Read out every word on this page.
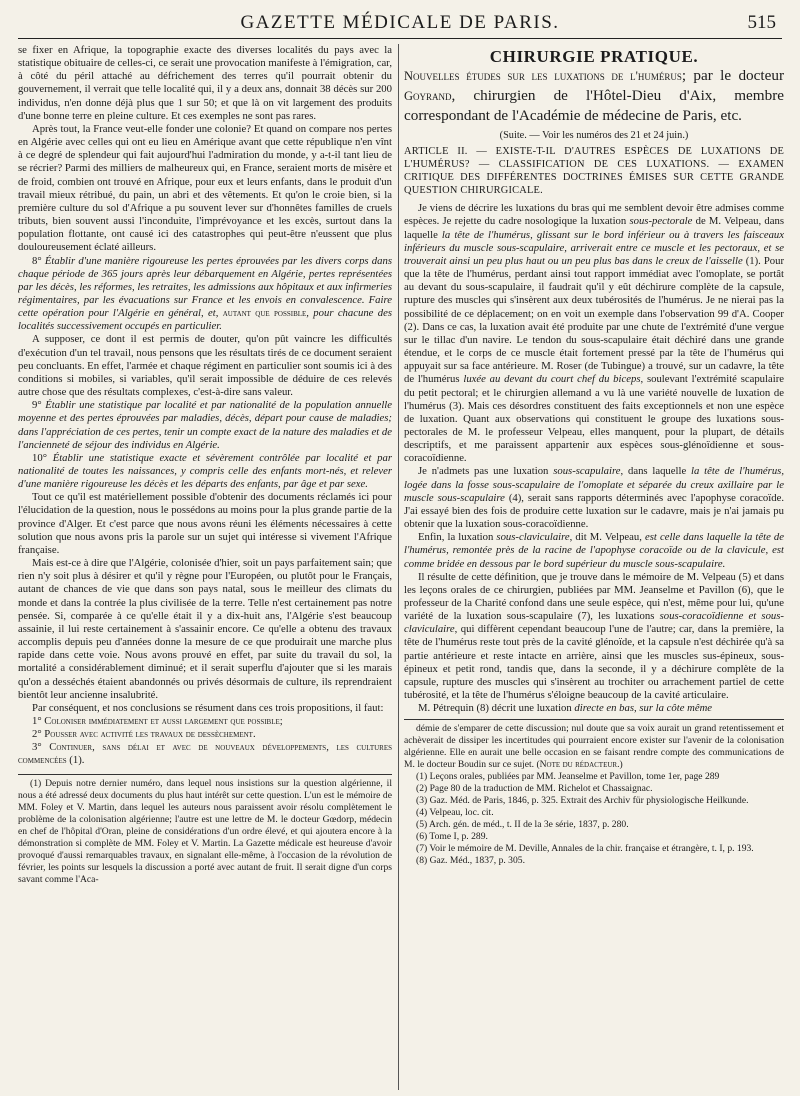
GAZETTE MÉDICALE DE PARIS.	515

se fixer en Afrique, la topographie exacte des diverses localités du pays avec la statistique obituaire de celles-ci, ce serait une provocation manifeste à l'émigration, car, à côté du péril attaché au défrichement des terres qu'il pourrait obtenir du gouvernement, il verrait que telle localité qui, il y a deux ans, donnait 38 décès sur 200 individus, n'en donne déjà plus que 1 sur 50; et que là on vit largement des produits d'une bonne terre en pleine culture. Et ces exemples ne sont pas rares.

Après tout, la France veut-elle fonder une colonie? Et quand on compare nos pertes en Algérie avec celles qui ont eu lieu en Amérique avant que cette république n'en vînt à ce degré de splendeur qui fait aujourd'hui l'admiration du monde, y a-t-il tant lieu de se récrier? Parmi des milliers de malheureux qui, en France, seraient morts de misère et de froid, combien ont trouvé en Afrique, pour eux et leurs enfants, dans le produit d'un travail mieux rétribué, du pain, un abri et des vêtements. Et qu'on le croie bien, si la première culture du sol d'Afrique a pu souvent lever sur d'honnêtes familles de cruels tributs, bien souvent aussi l'inconduite, l'imprévoyance et les excès, surtout dans la population flottante, ont causé ici des catastrophes qui peut-être n'eussent que plus douloureusement éclaté ailleurs.

8° Établir d'une manière rigoureuse les pertes éprouvées par les divers corps dans chaque période de 365 jours après leur débarquement en Algérie, pertes représentées par les décès, les réformes, les retraites, les admissions aux hôpitaux et aux infirmeries régimentaires, par les évacuations sur France et les envois en convalescence. Faire cette opération pour l'Algérie en général, et, autant que possible, pour chacune des localités successivement occupés en particulier.

A supposer, ce dont il est permis de douter, qu'on pût vaincre les difficultés d'exécution d'un tel travail, nous pensons que les résultats tirés de ce document seraient peu concluants. En effet, l'armée et chaque régiment en particulier sont soumis ici à des conditions si mobiles, si variables, qu'il serait impossible de déduire de ces relevés autre chose que des résultats complexes, c'est-à-dire sans valeur.

9° Établir une statistique par localité et par nationalité de la population annuelle moyenne et des pertes éprouvées par maladies, décès, départ pour cause de maladies; dans l'appréciation de ces pertes, tenir un compte exact de la nature des maladies et de l'ancienneté de séjour des individus en Algérie.

10° Établir une statistique exacte et sévèrement contrôlée par localité et par nationalité de toutes les naissances, y compris celle des enfants mort-nés, et relever d'une manière rigoureuse les décès et les départs des enfants, par âge et par sexe.

Tout ce qu'il est matériellement possible d'obtenir des documents réclamés ici pour l'élucidation de la question, nous le possédons au moins pour la plus grande partie de la province d'Alger. Et c'est parce que nous avons réuni les éléments nécessaires à cette solution que nous avons pris la parole sur un sujet qui intéresse si vivement l'Afrique française.

Mais est-ce à dire que l'Algérie, colonisée d'hier, soit un pays parfaitement sain; que rien n'y soit plus à désirer et qu'il y règne pour l'Européen, ou plutôt pour le Français, autant de chances de vie que dans son pays natal, sous le meilleur des climats du monde et dans la contrée la plus civilisée de la terre. Telle n'est certainement pas notre pensée. Si, comparée à ce qu'elle était il y a dix-huit ans, l'Algérie s'est beaucoup assainie, il lui reste certainement à s'assainir encore. Ce qu'elle a obtenu des travaux accomplis depuis peu d'années donne la mesure de ce que produirait une marche plus rapide dans cette voie. Nous avons prouvé en effet, par suite du travail du sol, la mortalité a considérablement diminué; et il serait superflu d'ajouter que si les marais qu'on a desséchés étaient abandonnés ou privés désormais de culture, ils reprendraient bientôt leur ancienne insalubrité.

Par conséquent, et nos conclusions se résument dans ces trois propositions, il faut:

1° Coloniser immédiatement et aussi largement que possible;

2° Pousser avec activité les travaux de dessèchement.

3° Continuer, sans délai et avec de nouveaux développements, les cultures commencées (1).

(1) Depuis notre dernier numéro, dans lequel nous insistions sur la question algérienne, il nous a été adressé deux documents du plus haut intérêt sur cette question. L'un est le mémoire de MM. Foley et V. Martin, dans lequel les auteurs nous paraissent avoir résolu complètement le problème de la colonisation algérienne; l'autre est une lettre de M. le docteur Gœdorp, médecin en chef de l'hôpital d'Oran, pleine de considérations d'un ordre élevé, et qui ajoutera encore à la démonstration si complète de MM. Foley et V. Martin. La Gazette médicale est heureuse d'avoir provoqué d'aussi remarquables travaux, en signalant elle-même, à l'occasion de la révolution de février, les points sur lesquels la discussion a porté avec autant de fruit. Il serait digne d'un corps savant comme l'Aca-

CHIRURGIE PRATIQUE.
Nouvelles études sur les luxations de l'humérus; par le docteur Goyrand, chirurgien de l'Hôtel-Dieu d'Aix, membre correspondant de l'Académie de médecine de Paris, etc.
(Suite. — Voir les numéros des 21 et 24 juin.)
ARTICLE II. — EXISTE-T-IL D'AUTRES ESPÈCES DE LUXATIONS DE L'HUMÉRUS? — CLASSIFICATION DE CES LUXATIONS. — EXAMEN CRITIQUE DES DIFFÉRENTES DOCTRINES ÉMISES SUR CETTE GRANDE QUESTION CHIRURGICALE.

Je viens de décrire les luxations du bras qui me semblent devoir être admises comme espèces. Je rejette du cadre nosologique la luxation sous-pectorale de M. Velpeau, dans laquelle la tête de l'humérus, glissant sur le bord inférieur ou à travers les faisceaux inférieurs du muscle sous-scapulaire, arriverait entre ce muscle et les pectoraux, et se trouverait ainsi un peu plus haut ou un peu plus bas dans le creux de l'aisselle (1). Pour que la tête de l'humérus, perdant ainsi tout rapport immédiat avec l'omoplate, se portât au devant du sous-scapulaire, il faudrait qu'il y eût déchirure complète de la capsule, rupture des muscles qui s'insèrent aux deux tubérosités de l'humérus. Je ne nierai pas la possibilité de ce déplacement; on en voit un exemple dans l'observation 99 d'A. Cooper (2). Dans ce cas, la luxation avait été produite par une chute de l'extrémité d'une vergue sur le tillac d'un navire. Le tendon du sous-scapulaire était déchiré dans une grande étendue, et le corps de ce muscle était fortement pressé par la tête de l'humérus qui appuyait sur sa face antérieure. M. Roser (de Tubingue) a trouvé, sur un cadavre, la tête de l'humérus luxée au devant du court chef du biceps, soulevant l'extrémité scapulaire du petit pectoral; et le chirurgien allemand a vu là une variété nouvelle de luxation de l'humérus (3). Mais ces désordres constituent des faits exceptionnels et non une espèce de luxation. Quant aux observations qui constituent le groupe des luxations sous-pectorales de M. le professeur Velpeau, elles manquent, pour la plupart, de détails descriptifs, et me paraissent appartenir aux espèces sous-glénoïdienne et sous-coracoïdienne.

Je n'admets pas une luxation sous-scapulaire, dans laquelle la tête de l'humérus, logée dans la fosse sous-scapulaire de l'omoplate et séparée du creux axillaire par le muscle sous-scapulaire (4), serait sans rapports déterminés avec l'apophyse coracoïde. J'ai essayé bien des fois de produire cette luxation sur le cadavre, mais je n'ai jamais pu obtenir que la luxation sous-coracoïdienne.

Enfin, la luxation sous-claviculaire, dit M. Velpeau, est celle dans laquelle la tête de l'humérus, remontée près de la racine de l'apophyse coracoïde ou de la clavicule, est comme bridée en dessous par le bord supérieur du muscle sous-scapulaire.

Il résulte de cette définition, que je trouve dans le mémoire de M. Velpeau (5) et dans les leçons orales de ce chirurgien, publiées par MM. Jeanselme et Pavillon (6), que le professeur de la Charité confond dans une seule espèce, qui n'est, même pour lui, qu'une variété de la luxation sous-scapulaire (7), les luxations sous-coracoïdienne et sous-claviculaire, qui diffèrent cependant beaucoup l'une de l'autre; car, dans la première, la tête de l'humérus reste tout près de la cavité glénoïde, et la capsule n'est déchirée qu'à sa partie antérieure et reste intacte en arrière, ainsi que les muscles sus-épineux, sous-épineux et petit rond, tandis que, dans la seconde, il y a déchirure complète de la capsule, rupture des muscles qui s'insèrent au trochiter ou arrachement partiel de cette tubérosité, et la tête de l'humérus s'éloigne beaucoup de la cavité articulaire.

M. Pétrequin (8) décrit une luxation directe en bas, sur la côte même

démie de s'emparer de cette discussion; nul doute que sa voix aurait un grand retentissement et achèverait de dissiper les incertitudes qui pourraient encore exister sur l'avenir de la colonisation algérienne. Elle en aurait une belle occasion en se faisant rendre compte des communications de M. le docteur Boudin sur ce sujet. (Note du rédacteur.)

(1) Leçons orales, publiées par MM. Jeanselme et Pavillon, tome 1er, page 289

(2) Page 80 de la traduction de MM. Richelot et Chassaignac.

(3) Gaz. Méd. de Paris, 1846, p. 325. Extrait des Archiv für physiologische Heilkunde.

(4) Velpeau, loc. cit.

(5) Arch. gén. de méd., t. II de la 3e série, 1837, p. 280.

(6) Tome I, p. 289.

(7) Voir le mémoire de M. Deville, Annales de la chir. française et étrangère, t. I, p. 193.

(8) Gaz. Méd., 1837, p. 305.
